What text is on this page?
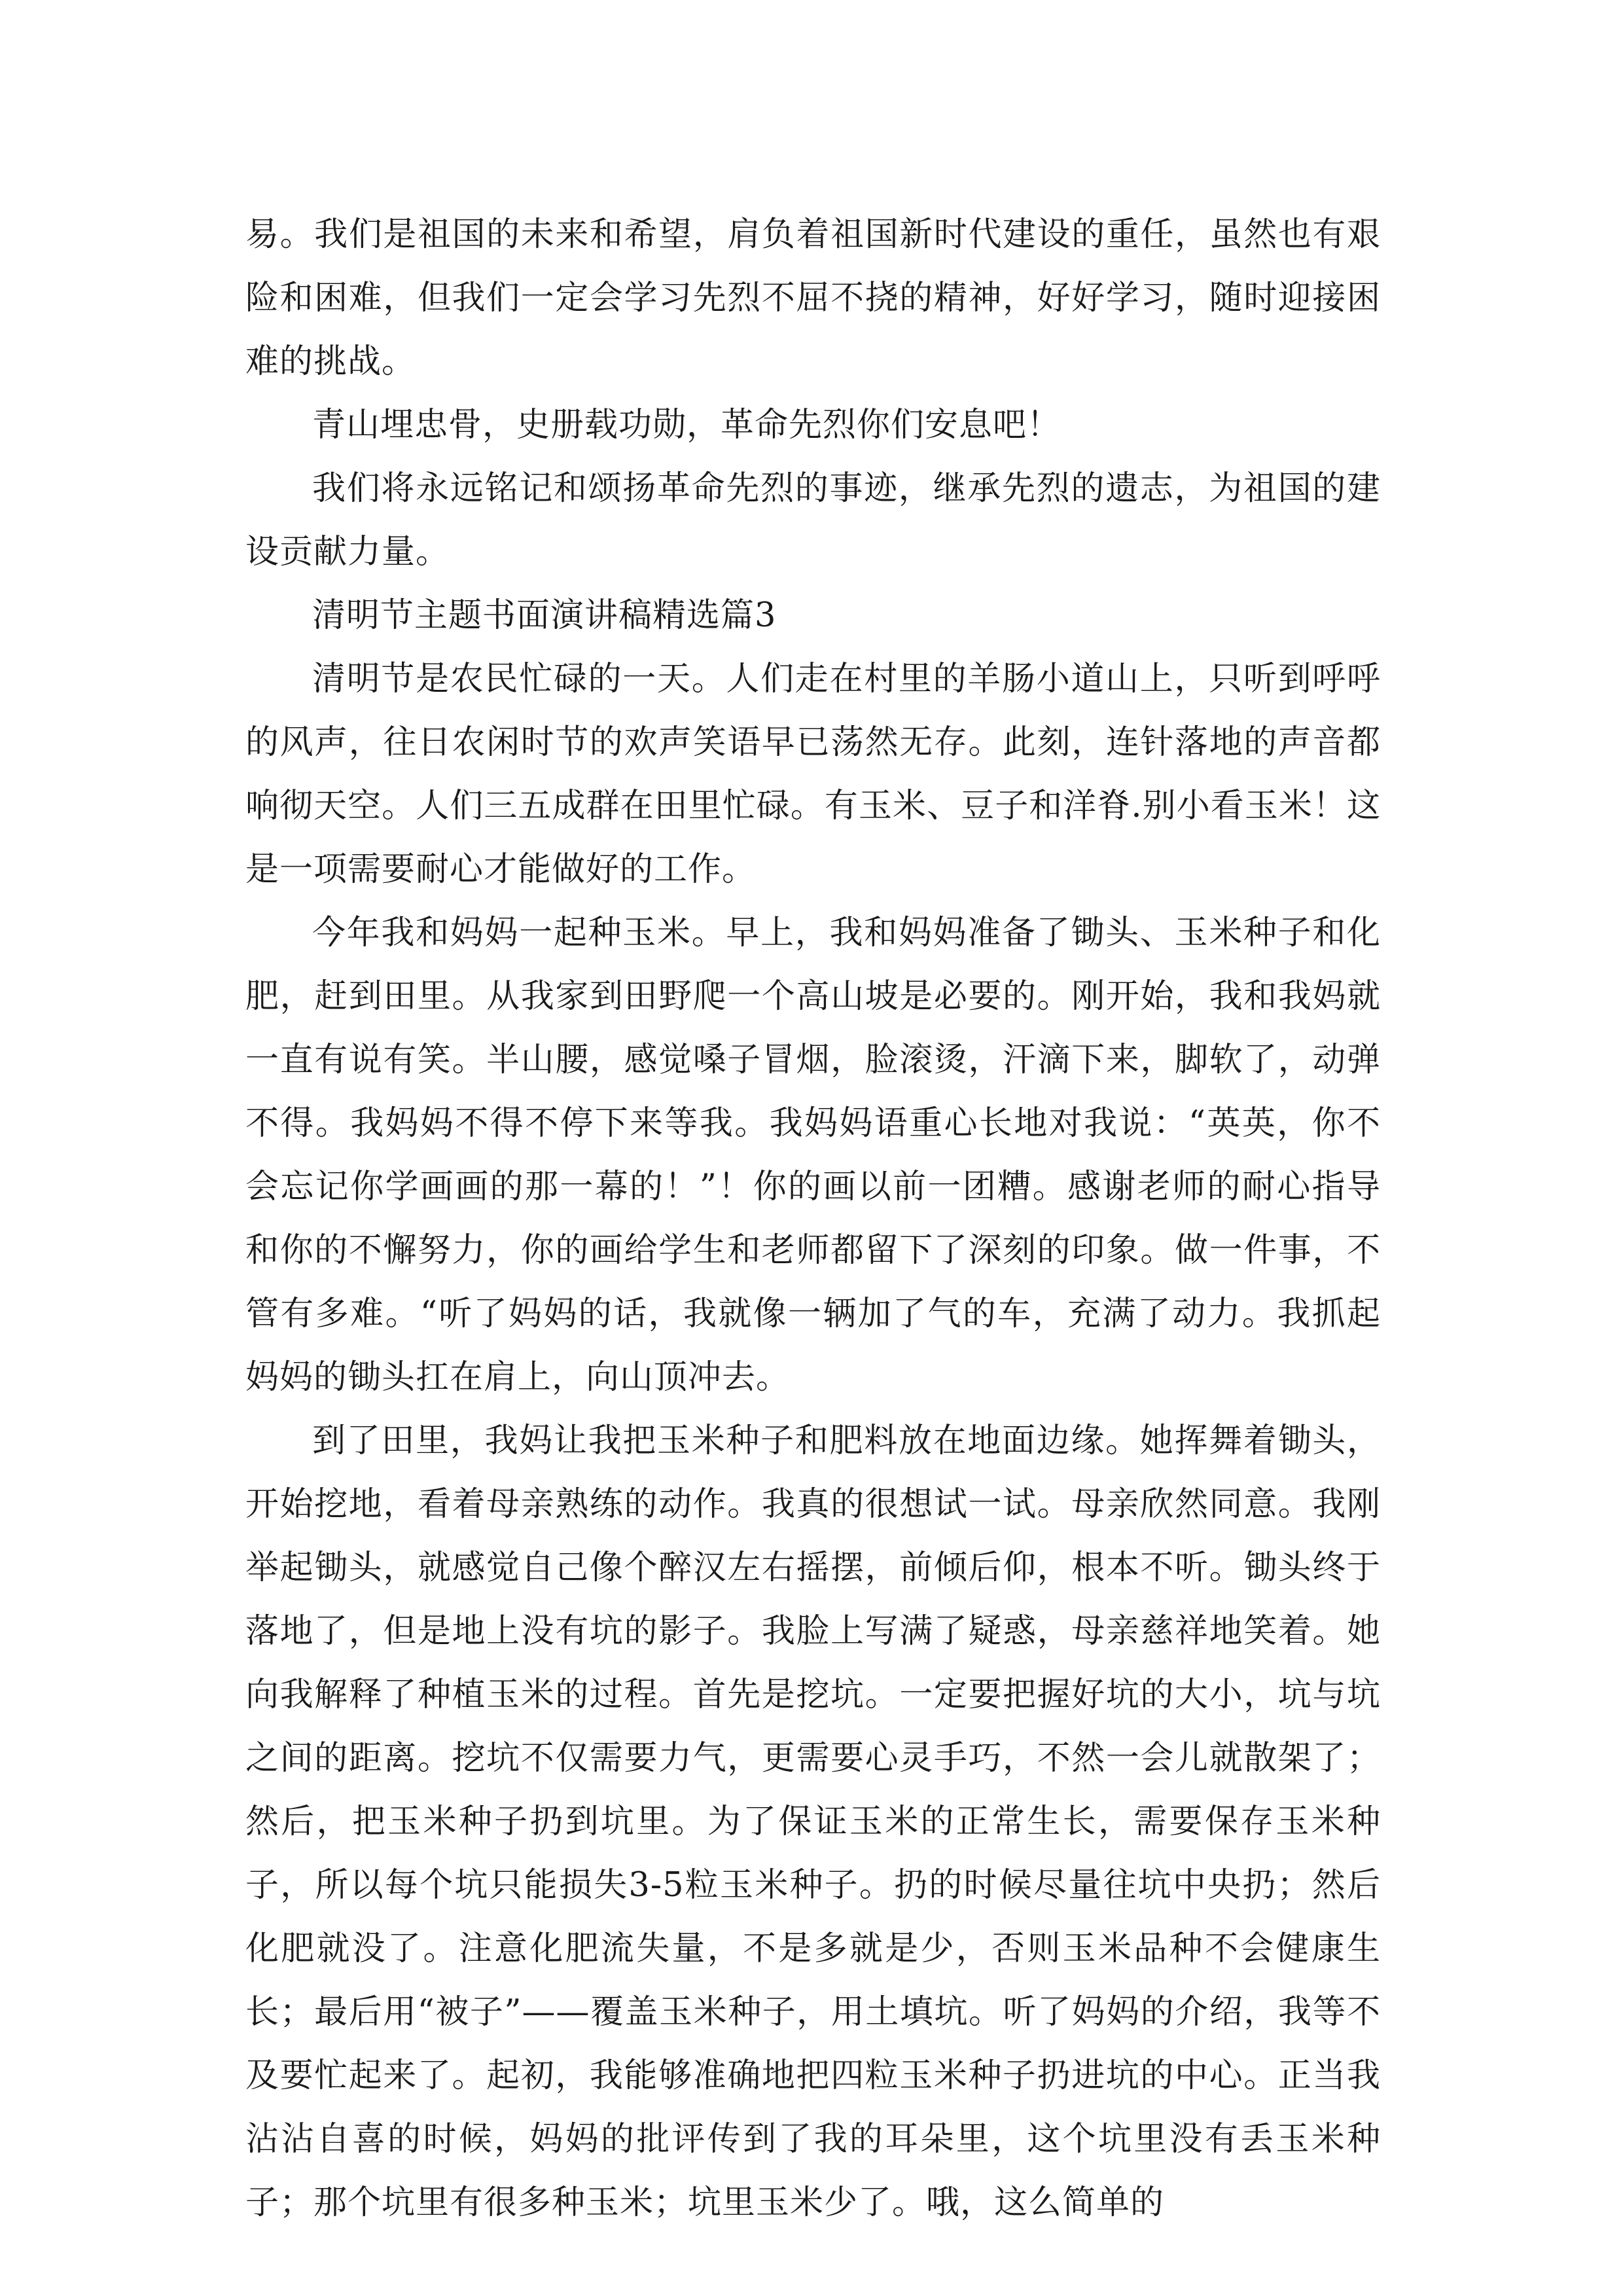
易。我们是祖国的未来和希望，肩负着祖国新时代建设的重任，虽然也有艰险和困难，但我们一定会学习先烈不屈不挠的精神，好好学习，随时迎接困难的挑战。

青山埋忠骨，史册载功勋，革命先烈你们安息吧！

我们将永远铭记和颂扬革命先烈的事迹，继承先烈的遗志，为祖国的建设贡献力量。

清明节主题书面演讲稿精选篇3

清明节是农民忙碌的一天。人们走在村里的羊肠小道山上，只听到呼呼的风声，往日农闲时节的欢声笑语早已荡然无存。此刻，连针落地的声音都响彻天空。人们三五成群在田里忙碌。有玉米、豆子和洋脊.别小看玉米！这是一项需要耐心才能做好的工作。

今年我和妈妈一起种玉米。早上，我和妈妈准备了锄头、玉米种子和化肥，赶到田里。从我家到田野爬一个高山坡是必要的。刚开始，我和我妈就一直有说有笑。半山腰，感觉嗓子冒烟，脸滚烫，汗滴下来，脚软了，动弹不得。我妈妈不得不停下来等我。我妈妈语重心长地对我说：“英英，你不会忘记你学画画的那一幕的！”！你的画以前一团糟。感谢老师的耐心指导和你的不懈努力，你的画给学生和老师都留下了深刻的印象。做一件事，不管有多难。“听了妈妈的话，我就像一辆加了气的车，充满了动力。我抓起妈妈的锄头扛在肩上，向山顶冲去。

到了田里，我妈让我把玉米种子和肥料放在地面边缘。她挥舞着锄头，开始挖地，看着母亲熟练的动作。我真的很想试一试。母亲欣然同意。我刚举起锄头，就感觉自己像个醉汉左右摇摆，前倾后仰，根本不听。锄头终于落地了，但是地上没有坑的影子。我脸上写满了疑惑，母亲慈祥地笑着。她向我解释了种植玉米的过程。首先是挖坑。一定要把握好坑的大小，坑与坑之间的距离。挖坑不仅需要力气，更需要心灵手巧，不然一会儿就散架了；然后，把玉米种子扔到坑里。为了保证玉米的正常生长，需要保存玉米种子，所以每个坑只能损失3-5粒玉米种子。扔的时候尽量往坑中央扔；然后化肥就没了。注意化肥流失量，不是多就是少，否则玉米品种不会健康生长；最后用“被子”——覆盖玉米种子，用土填坑。听了妈妈的介绍，我等不及要忙起来了。起初，我能够准确地把四粒玉米种子扔进坑的中心。正当我沾沾自喜的时候，妈妈的批评传到了我的耳朵里，这个坑里没有丢玉米种子；那个坑里有很多种玉米；坑里玉米少了。哦，这么简单的
